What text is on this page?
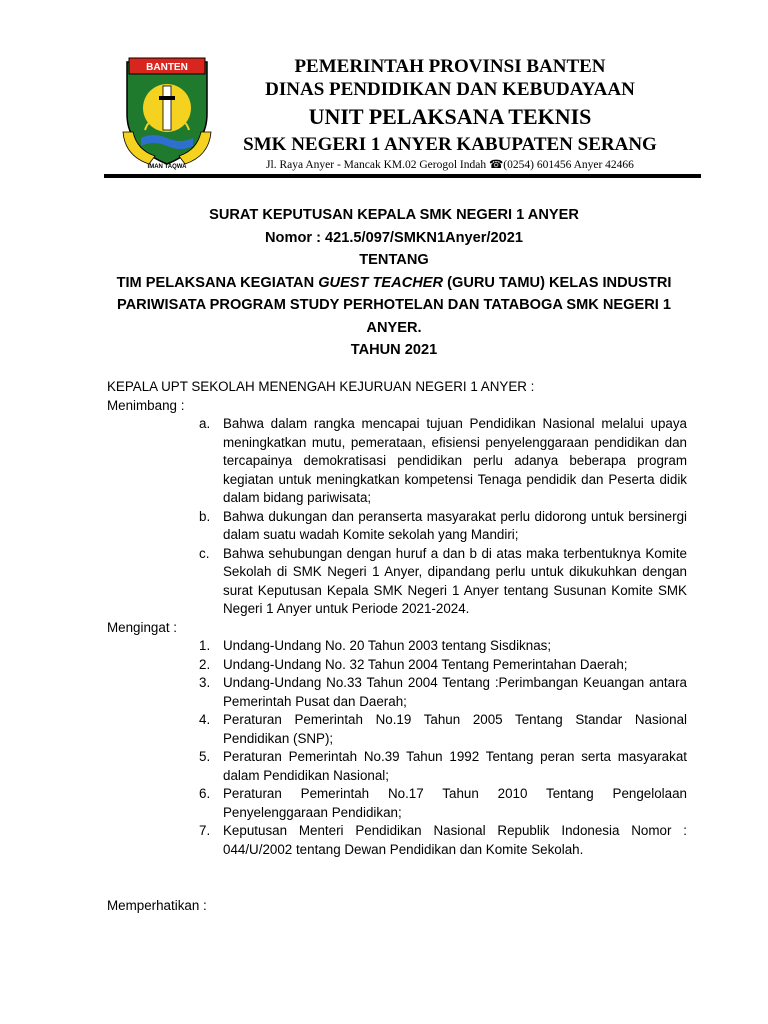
BANTEN
IMAN TAQWA
PEMERINTAH PROVINSI BANTEN
DINAS PENDIDIKAN DAN KEBUDAYAAN
UNIT PELAKSANA TEKNIS
SMK NEGERI 1 ANYER KABUPATEN SERANG
Jl. Raya Anyer - Mancak KM.02 Gerogol Indah ☎(0254) 601456 Anyer 42466
SURAT KEPUTUSAN KEPALA SMK NEGERI 1 ANYER
Nomor : 421.5/097/SMKN1Anyer/2021
TENTANG
TIM PELAKSANA KEGIATAN GUEST TEACHER (GURU TAMU) KELAS INDUSTRI PARIWISATA PROGRAM STUDY PERHOTELAN DAN TATABOGA SMK NEGERI 1 ANYER.
TAHUN 2021

KEPALA UPT SEKOLAH MENENGAH KEJURUAN NEGERI 1 ANYER :

Menimbang :

a. Bahwa dalam rangka mencapai tujuan Pendidikan Nasional melalui upaya meningkatkan mutu, pemerataan, efisiensi penyelenggaraan pendidikan dan tercapainya demokratisasi pendidikan perlu adanya beberapa program kegiatan untuk meningkatkan kompetensi Tenaga pendidik dan Peserta didik dalam bidang pariwisata;
b. Bahwa dukungan dan peranserta masyarakat perlu didorong untuk bersinergi dalam suatu wadah Komite sekolah yang Mandiri;
c.	Bahwa sehubungan dengan huruf a dan b di atas maka terbentuknya Komite Sekolah di SMK Negeri 1 Anyer, dipandang perlu untuk dikukuhkan dengan surat Keputusan Kepala SMK Negeri 1 Anyer tentang Susunan Komite SMK Negeri 1 Anyer untuk Periode 2021-2024.

Mengingat :

1. Undang-Undang No. 20 Tahun 2003 tentang Sisdiknas;
2. Undang-Undang No. 32 Tahun 2004 Tentang Pemerintahan Daerah;
3. Undang-Undang No.33 Tahun 2004 Tentang :Perimbangan Keuangan antara Pemerintah Pusat dan Daerah;
4. Peraturan Pemerintah No.19 Tahun 2005 Tentang Standar Nasional Pendidikan (SNP);
5. Peraturan Pemerintah No.39 Tahun 1992 Tentang peran serta masyarakat dalam Pendidikan Nasional;
6. Peraturan Pemerintah No.17 Tahun 2010 Tentang Pengelolaan Penyelenggaraan Pendidikan;
7. Keputusan Menteri Pendidikan Nasional Republik Indonesia Nomor : 044/U/2002 tentang Dewan Pendidikan dan Komite Sekolah.

Memperhatikan :
